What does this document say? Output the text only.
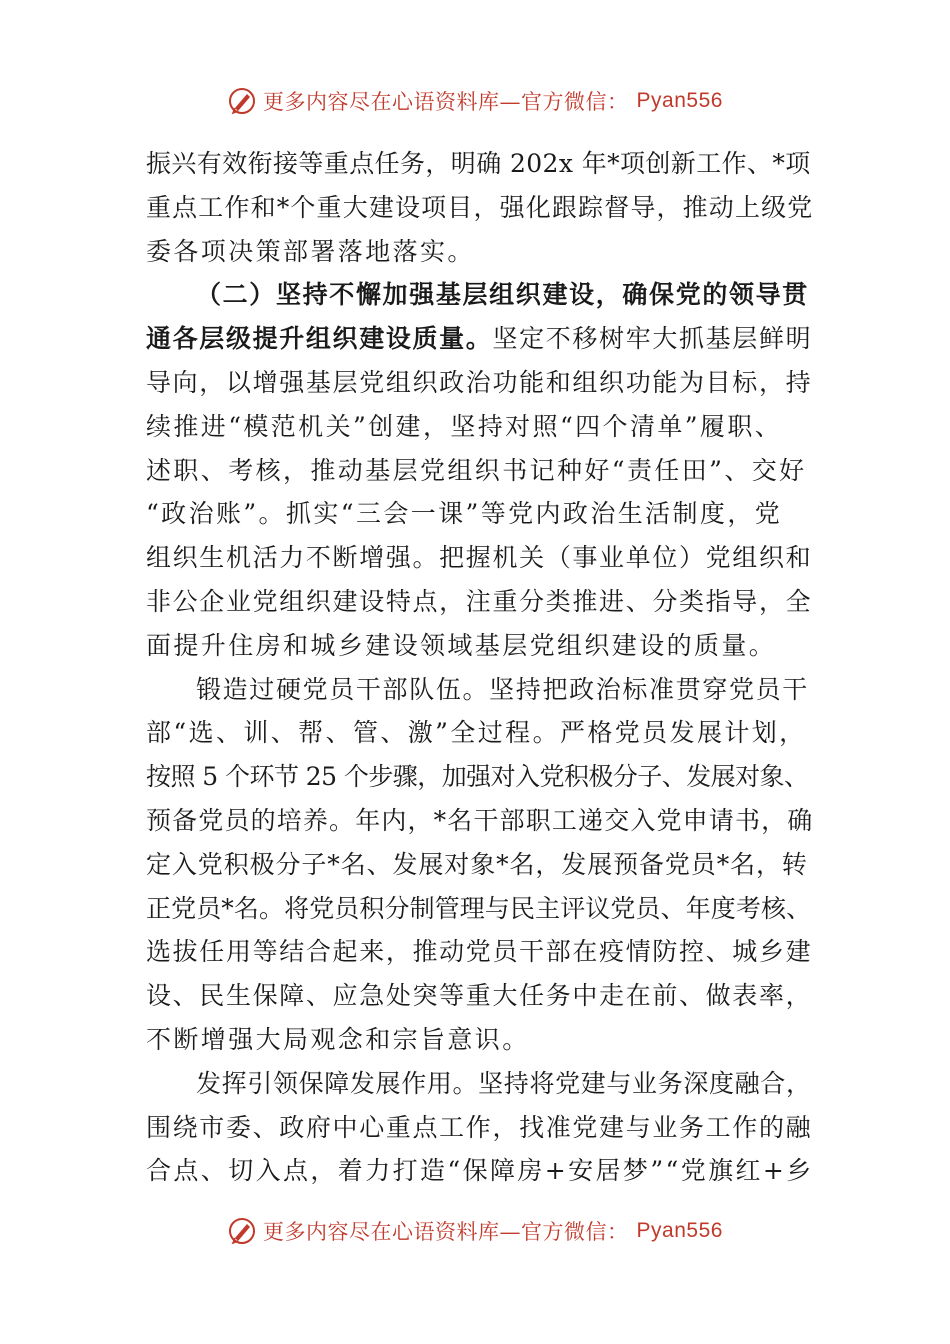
更多内容尽在心语资料库—官方微信： Pyan556
振兴有效衔接等重点任务，明确 202x 年*项创新工作、*项
重点工作和*个重大建设项目，强化跟踪督导，推动上级党
委各项决策部署落地落实。
（二）坚持不懈加强基层组织建设，确保党的领导贯
通各层级提升组织建设质量。坚定不移树牢大抓基层鲜明
导向，以增强基层党组织政治功能和组织功能为目标，持
续推进“模范机关”创建，坚持对照“四个清单”履职、
述职、考核，推动基层党组织书记种好“责任田”、交好
“政治账”。抓实“三会一课”等党内政治生活制度，党
组织生机活力不断增强。把握机关（事业单位）党组织和
非公企业党组织建设特点，注重分类推进、分类指导，全
面提升住房和城乡建设领域基层党组织建设的质量。
锻造过硬党员干部队伍。坚持把政治标准贯穿党员干
部“选、训、帮、管、激”全过程。严格党员发展计划，
按照 5 个环节 25 个步骤，加强对入党积极分子、发展对象、
预备党员的培养。年内，*名干部职工递交入党申请书，确
定入党积极分子*名、发展对象*名，发展预备党员*名，转
正党员*名。将党员积分制管理与民主评议党员、年度考核、
选拔任用等结合起来，推动党员干部在疫情防控、城乡建
设、民生保障、应急处突等重大任务中走在前、做表率，
不断增强大局观念和宗旨意识。
发挥引领保障发展作用。坚持将党建与业务深度融合，
围绕市委、政府中心重点工作，找准党建与业务工作的融
合点、切入点，着力打造“保障房+安居梦”“党旗红+乡
更多内容尽在心语资料库—官方微信： Pyan556
